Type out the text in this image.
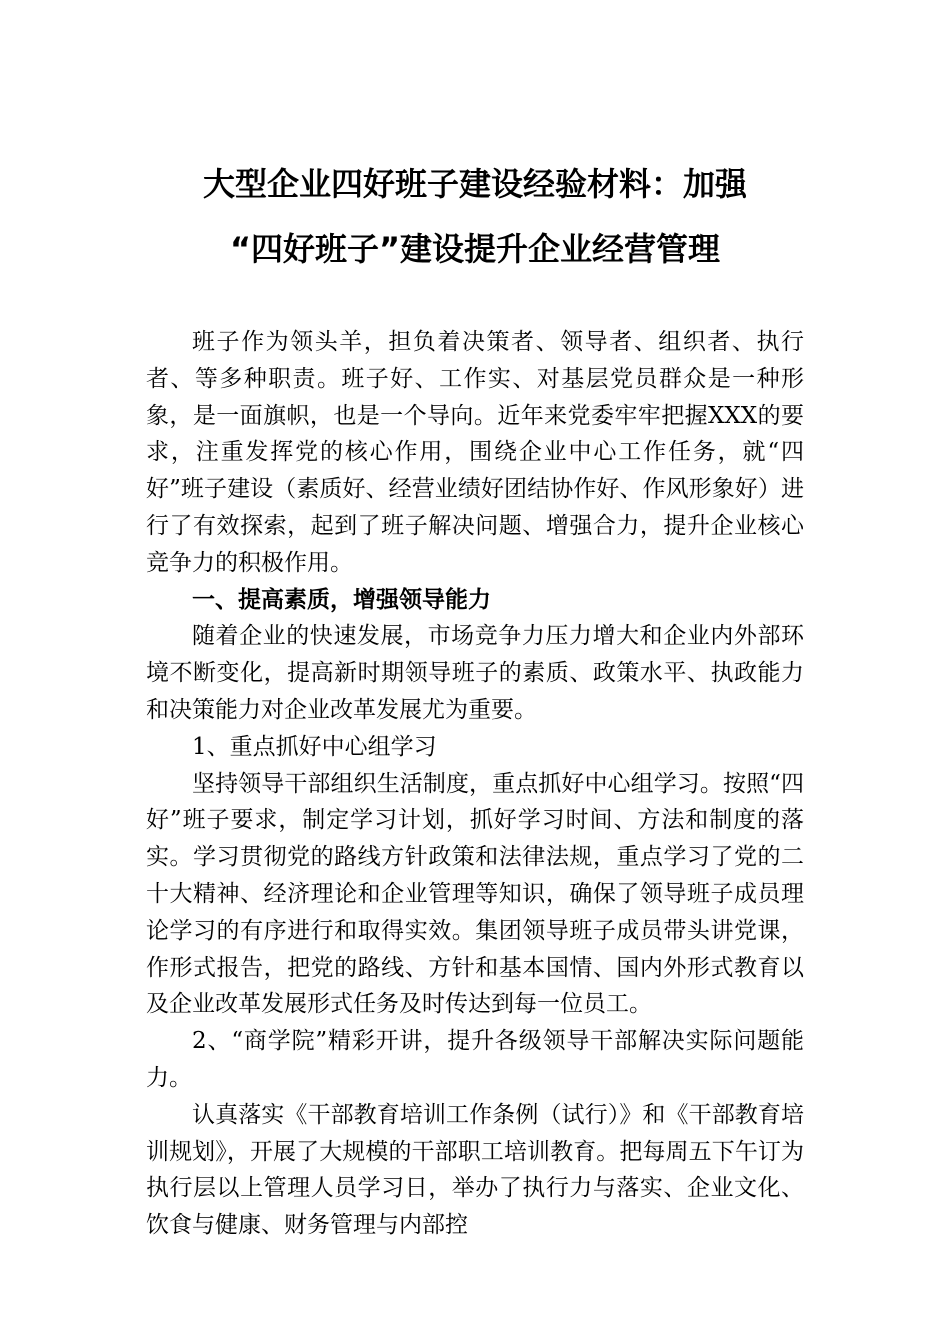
大型企业四好班子建设经验材料：加强
“四好班子”建设提升企业经营管理

班子作为领头羊，担负着决策者、领导者、组织者、执行者、等多种职责。班子好、工作实、对基层党员群众是一种形象，是一面旗帜，也是一个导向。近年来党委牢牢把握XXX的要求，注重发挥党的核心作用，围绕企业中心工作任务，就“四好”班子建设（素质好、经营业绩好团结协作好、作风形象好）进行了有效探索，起到了班子解决问题、增强合力，提升企业核心竞争力的积极作用。

一、提高素质，增强领导能力

随着企业的快速发展，市场竞争力压力增大和企业内外部环境不断变化，提高新时期领导班子的素质、政策水平、执政能力和决策能力对企业改革发展尤为重要。

1、重点抓好中心组学习

坚持领导干部组织生活制度，重点抓好中心组学习。按照“四好”班子要求，制定学习计划，抓好学习时间、方法和制度的落实。学习贯彻党的路线方针政策和法律法规，重点学习了党的二十大精神、经济理论和企业管理等知识，确保了领导班子成员理论学习的有序进行和取得实效。集团领导班子成员带头讲党课，作形式报告，把党的路线、方针和基本国情、国内外形式教育以及企业改革发展形式任务及时传达到每一位员工。

2、“商学院”精彩开讲，提升各级领导干部解决实际问题能力。

认真落实《干部教育培训工作条例（试行）》和《干部教育培训规划》，开展了大规模的干部职工培训教育。把每周五下午订为执行层以上管理人员学习日，举办了执行力与落实、企业文化、饮食与健康、财务管理与内部控
